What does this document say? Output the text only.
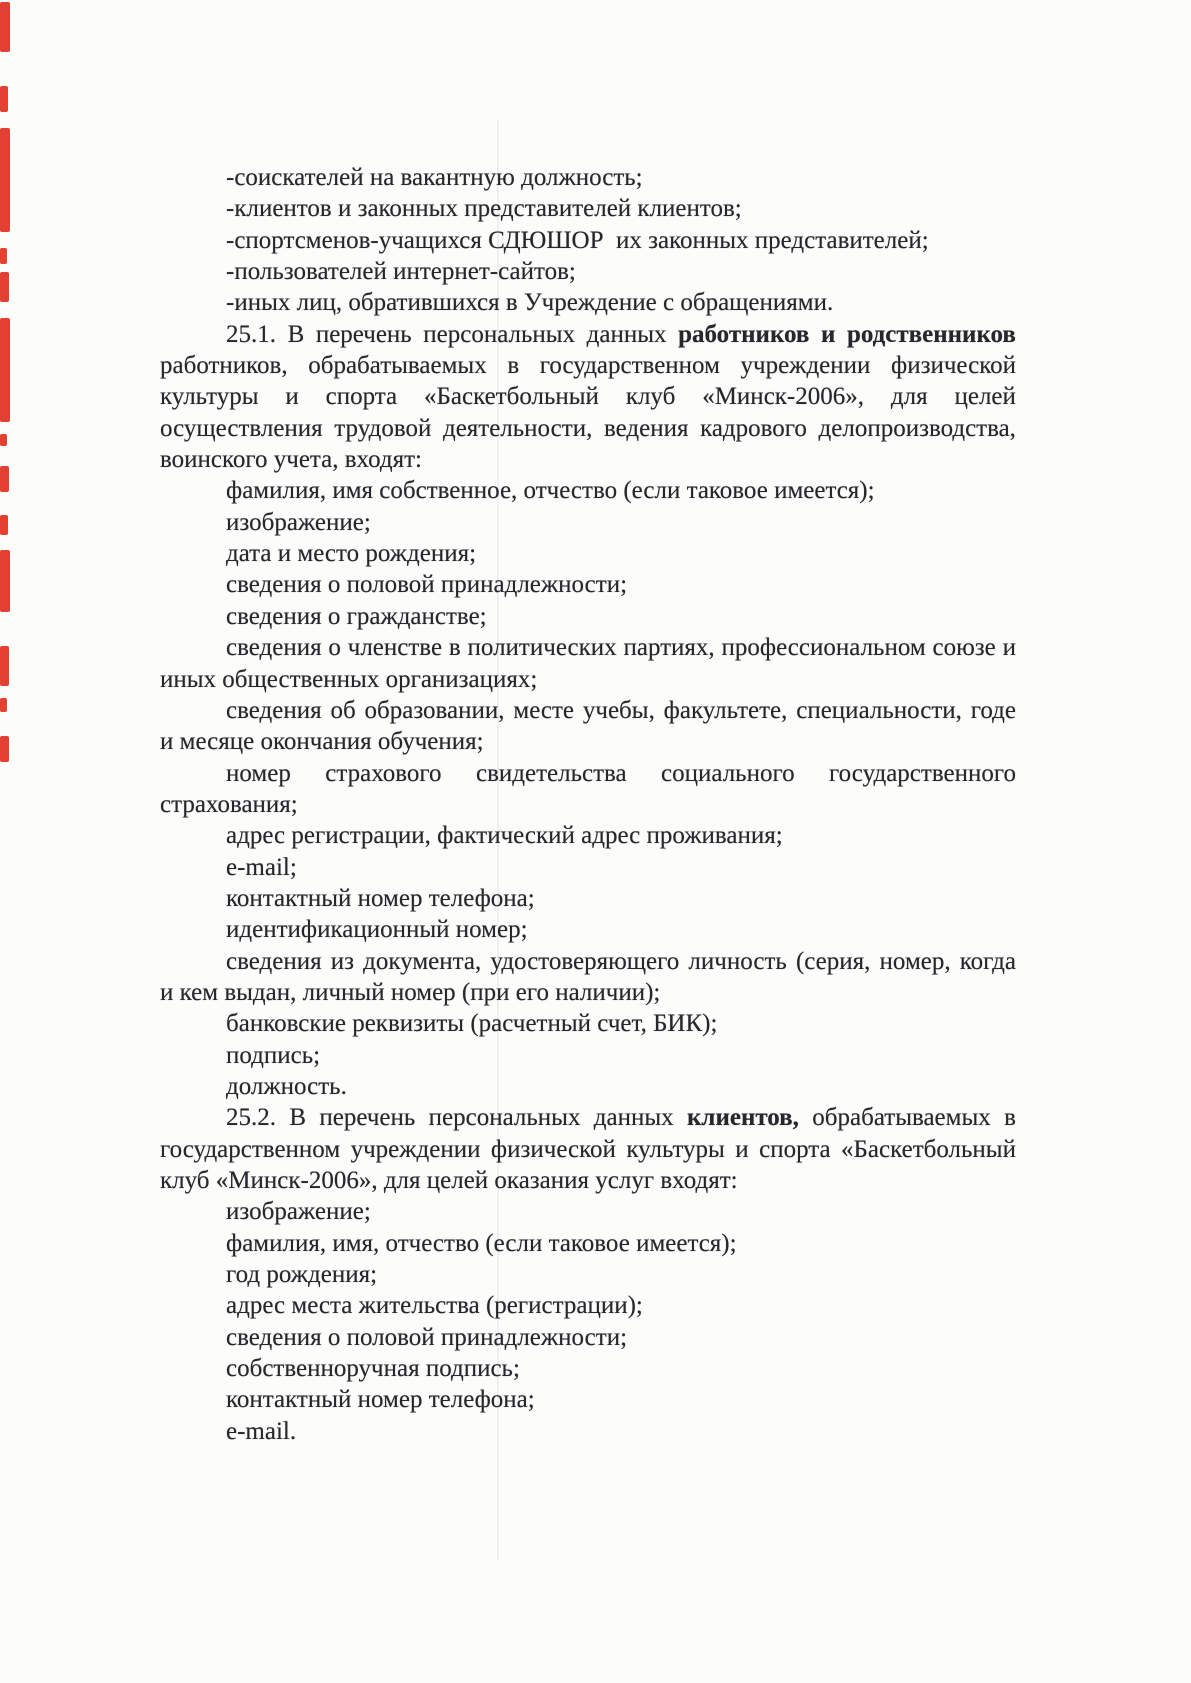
-соискателей на вакантную должность;
-клиентов и законных представителей клиентов;
-спортсменов-учащихся СДЮШОР  их законных представителей;
-пользователей интернет-сайтов;
-иных лиц, обратившихся в Учреждение с обращениями.
25.1. В перечень персональных данных работников и родственников
работников, обрабатываемых в государственном учреждении физической
культуры и спорта «Баскетбольный клуб «Минск-2006», для целей
осуществления трудовой деятельности, ведения кадрового делопроизводства,
воинского учета, входят:
фамилия, имя собственное, отчество (если таковое имеется);
изображение;
дата и место рождения;
сведения о половой принадлежности;
сведения о гражданстве;
сведения о членстве в политических партиях, профессиональном союзе и
иных общественных организациях;
сведения об образовании, месте учебы, факультете, специальности, годе
и месяце окончания обучения;
номер страхового свидетельства социального государственного
страхования;
адрес регистрации, фактический адрес проживания;
e-mail;
контактный номер телефона;
идентификационный номер;
сведения из документа, удостоверяющего личность (серия, номер, когда
и кем выдан, личный номер (при его наличии);
банковские реквизиты (расчетный счет, БИК);
подпись;
должность.
25.2. В перечень персональных данных клиентов, обрабатываемых в
государственном учреждении физической культуры и спорта «Баскетбольный
клуб «Минск-2006», для целей оказания услуг входят:
изображение;
фамилия, имя, отчество (если таковое имеется);
год рождения;
адрес места жительства (регистрации);
сведения о половой принадлежности;
собственноручная подпись;
контактный номер телефона;
e-mail.
